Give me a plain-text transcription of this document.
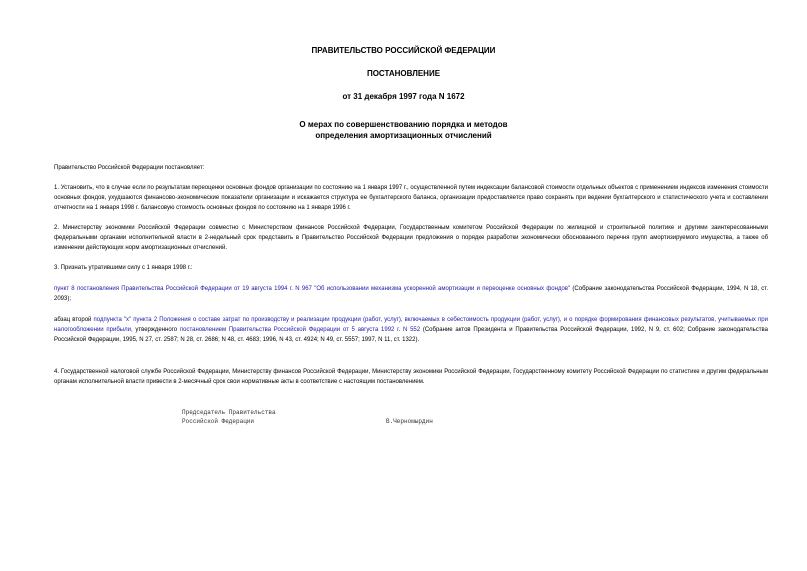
ПРАВИТЕЛЬСТВО РОССИЙСКОЙ ФЕДЕРАЦИИ
ПОСТАНОВЛЕНИЕ
от 31 декабря 1997 года N 1672
О мерах по совершенствованию порядка и методов
определения амортизационных отчислений
Правительство Российской Федерации постановляет:
1. Установить, что в случае если по результатам переоценки основных фондов организации по состоянию на 1 января 1997 г., осуществленной путем индексации балансовой стоимости отдельных объектов с применением индексов изменения стоимости основных фондов, ухудшаются финансово-экономические показатели организации и искажается структура ее бухгалтерского баланса, организации предоставляется право сохранять при ведении бухгалтерского и статистического учета и составлении отчетности на 1 января 1998 г. балансовую стоимость основных фондов по состоянию на 1 января 1996 г.
2. Министерству экономики Российской Федерации совместно с Министерством финансов Российской Федерации, Государственным комитетом Российской Федерации по жилищной и строительной политике и другими заинтересованными федеральными органами исполнительной власти в 2-недельный срок представить в Правительство Российской Федерации предложения о порядке разработки экономически обоснованного перечня групп амортизируемого имущества, а также об изменении действующих норм амортизационных отчислений.
3. Признать утратившими силу с 1 января 1998 г.:
пункт 8 постановления Правительства Российской Федерации от 19 августа 1994 г. N 967 "Об использовании механизма ускоренной амортизации и переоценке основных фондов" (Собрание законодательства Российской Федерации, 1994, N 18, ст. 2093);
абзац второй подпункта "х" пункта 2 Положения о составе затрат по производству и реализации продукции (работ, услуг), включаемых в себестоимость продукции (работ, услуг), и о порядке формирования финансовых результатов, учитываемых при налогообложении прибыли, утвержденного постановлением Правительства Российской Федерации от 5 августа 1992 г. N 552 (Собрание актов Президента и Правительства Российской Федерации, 1992, N 9, ст. 602; Собрание законодательства Российской Федерации, 1995, N 27, ст. 2587; N 28, ст. 2686; N 48, ст. 4683; 1996, N 43, ст. 4924; N 49, ст. 5557; 1997, N 11, ст. 1322).
4. Государственной налоговой службе Российской Федерации, Министерству финансов Российской Федерации, Министерству экономики Российской Федерации, Государственному комитету Российской Федерации по статистике и другим федеральным органам исполнительной власти привести в 2-месячный срок свои нормативные акты в соответствие с настоящим постановлением.
Председатель Правительства
Российской Федерации	В.Черномырдин
